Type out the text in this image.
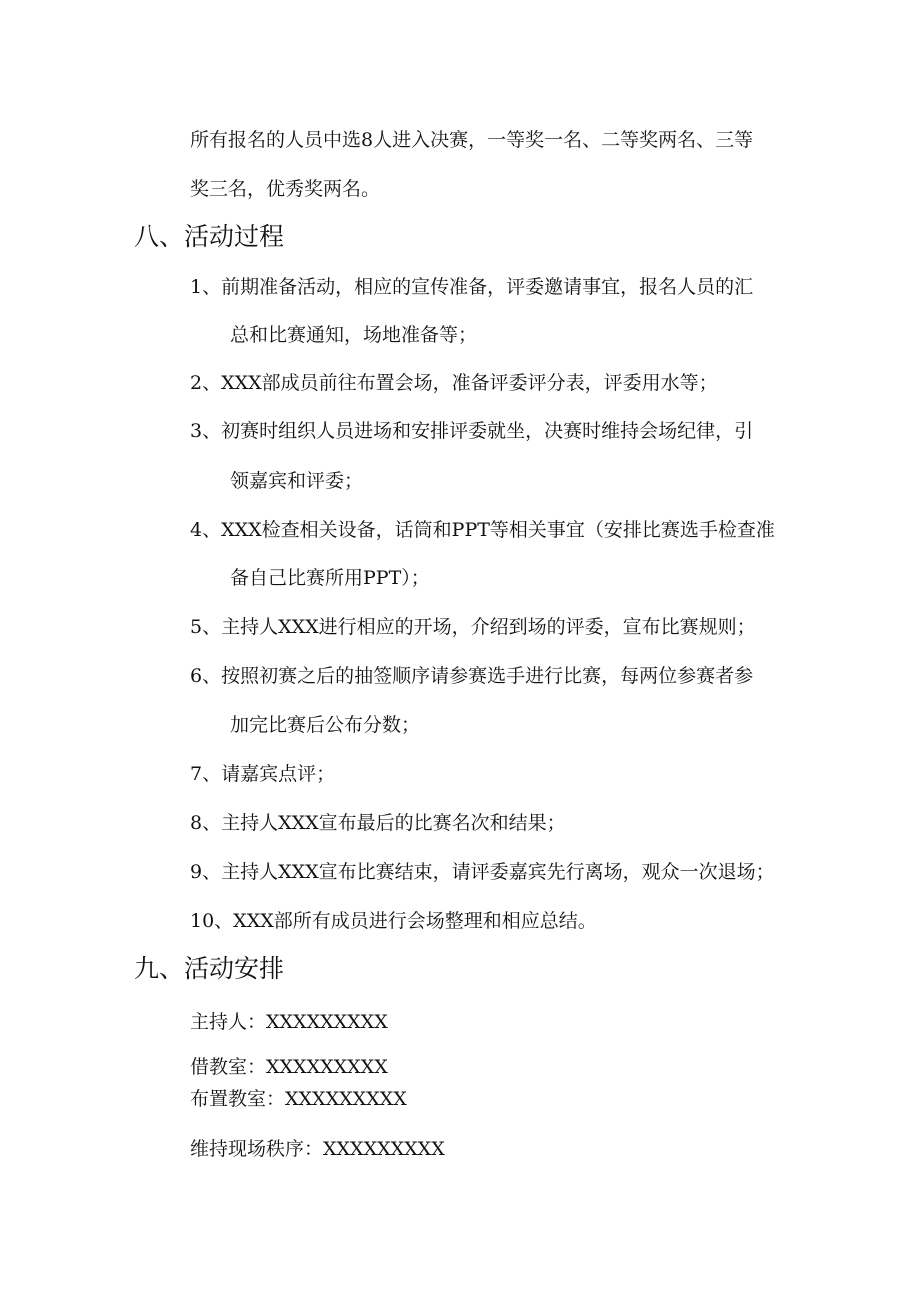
所有报名的人员中选8人进入决赛，一等奖一名、二等奖两名、三等
奖三名，优秀奖两名。
八、活动过程
1、前期准备活动，相应的宣传准备，评委邀请事宜，报名人员的汇
总和比赛通知，场地准备等；
2、XXX部成员前往布置会场，准备评委评分表，评委用水等；
3、初赛时组织人员进场和安排评委就坐，决赛时维持会场纪律，引
领嘉宾和评委；
4、XXX检查相关设备，话筒和PPT等相关事宜（安排比赛选手检查准
备自己比赛所用PPT）；
5、主持人XXX进行相应的开场，介绍到场的评委，宣布比赛规则；
6、按照初赛之后的抽签顺序请参赛选手进行比赛，每两位参赛者参
加完比赛后公布分数；
7、请嘉宾点评；
8、主持人XXX宣布最后的比赛名次和结果；
9、主持人XXX宣布比赛结束，请评委嘉宾先行离场，观众一次退场；
10、XXX部所有成员进行会场整理和相应总结。
九、活动安排
主持人：XXXXXXXXX
借教室：XXXXXXXXX
布置教室：XXXXXXXXX
维持现场秩序：XXXXXXXXX
